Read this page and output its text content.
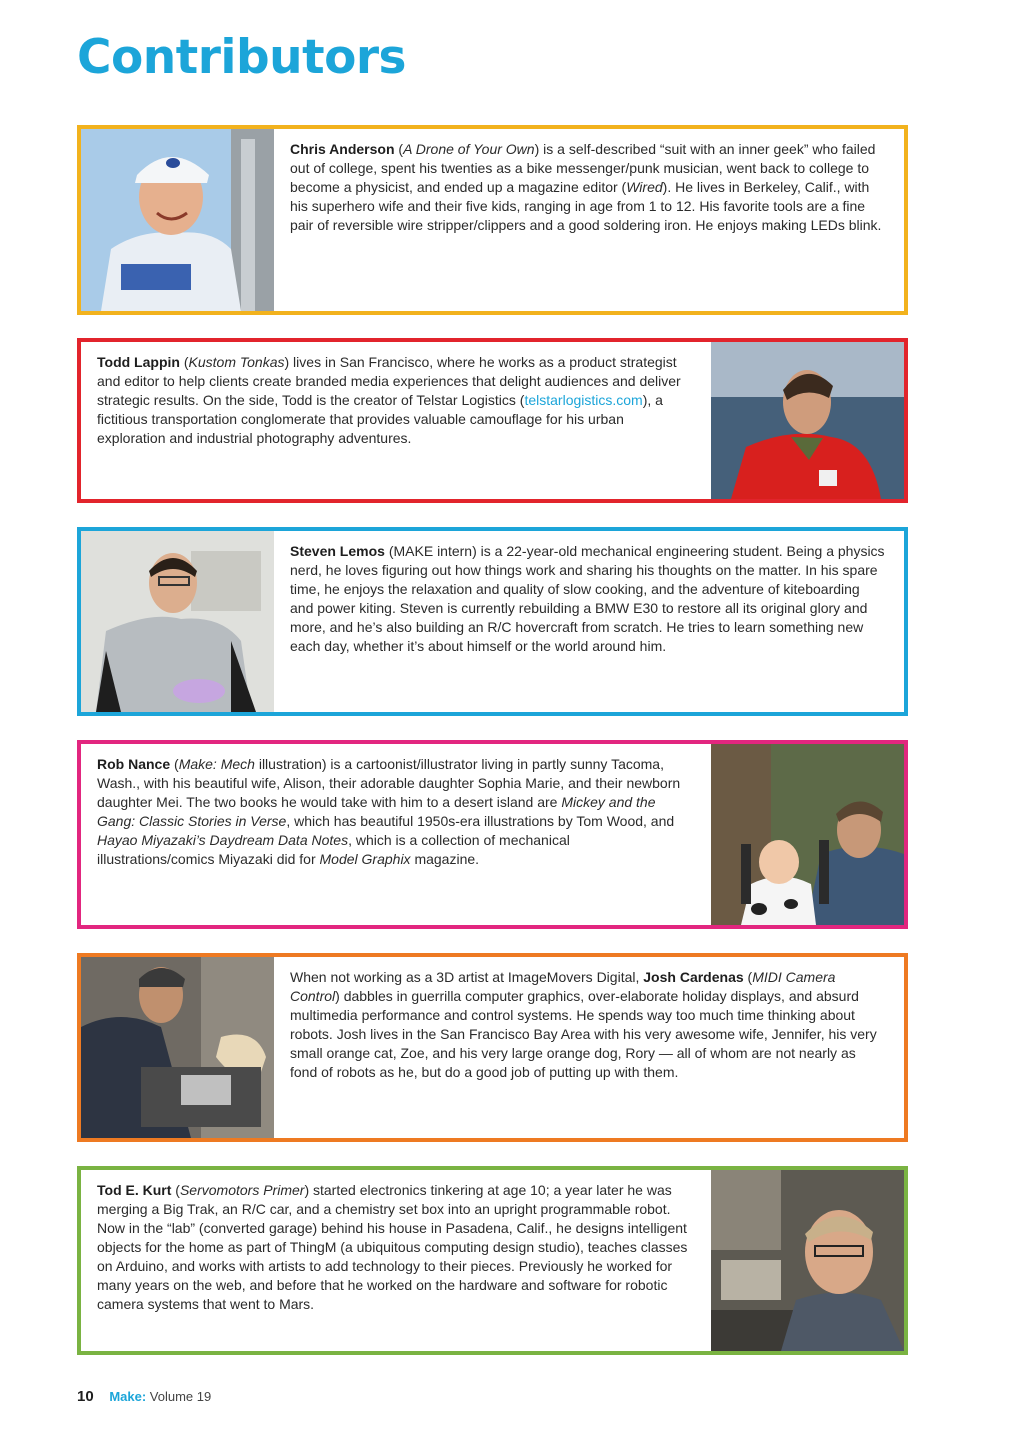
Contributors
Chris Anderson (A Drone of Your Own) is a self-described “suit with an inner geek” who failed out of college, spent his twenties as a bike messenger/punk musician, went back to college to become a physicist, and ended up a magazine editor (Wired). He lives in Berkeley, Calif., with his superhero wife and their five kids, ranging in age from 1 to 12. His favorite tools are a fine pair of reversible wire stripper/clippers and a good soldering iron. He enjoys making LEDs blink.
Todd Lappin (Kustom Tonkas) lives in San Francisco, where he works as a product strategist and editor to help clients create branded media experiences that delight audiences and deliver strategic results. On the side, Todd is the creator of Telstar Logistics (telstarlogistics.com), a fictitious transportation conglomerate that provides valuable camouflage for his urban exploration and industrial photography adventures.
Steven Lemos (MAKE intern) is a 22-year-old mechanical engineering student. Being a physics nerd, he loves figuring out how things work and sharing his thoughts on the matter. In his spare time, he enjoys the relaxation and quality of slow cooking, and the adventure of kiteboarding and power kiting. Steven is currently rebuilding a BMW E30 to restore all its original glory and more, and he’s also building an R/C hovercraft from scratch. He tries to learn something new each day, whether it’s about himself or the world around him.
Rob Nance (Make: Mech illustration) is a cartoonist/illustrator living in partly sunny Tacoma, Wash., with his beautiful wife, Alison, their adorable daughter Sophia Marie, and their newborn daughter Mei. The two books he would take with him to a desert island are Mickey and the Gang: Classic Stories in Verse, which has beautiful 1950s-era illustrations by Tom Wood, and Hayao Miyazaki’s Daydream Data Notes, which is a collection of mechanical illustrations/comics Miyazaki did for Model Graphix magazine.
When not working as a 3D artist at ImageMovers Digital, Josh Cardenas (MIDI Camera Control) dabbles in guerrilla computer graphics, over-elaborate holiday displays, and absurd multimedia performance and control systems. He spends way too much time thinking about robots. Josh lives in the San Francisco Bay Area with his very awesome wife, Jennifer, his very small orange cat, Zoe, and his very large orange dog, Rory — all of whom are not nearly as fond of robots as he, but do a good job of putting up with them.
Tod E. Kurt (Servomotors Primer) started electronics tinkering at age 10; a year later he was merging a Big Trak, an R/C car, and a chemistry set box into an upright programmable robot. Now in the “lab” (converted garage) behind his house in Pasadena, Calif., he designs intelligent objects for the home as part of ThingM (a ubiquitous computing design studio), teaches classes on Arduino, and works with artists to add technology to their pieces. Previously he worked for many years on the web, and before that he worked on the hardware and software for robotic camera systems that went to Mars.
10 Make: Volume 19
